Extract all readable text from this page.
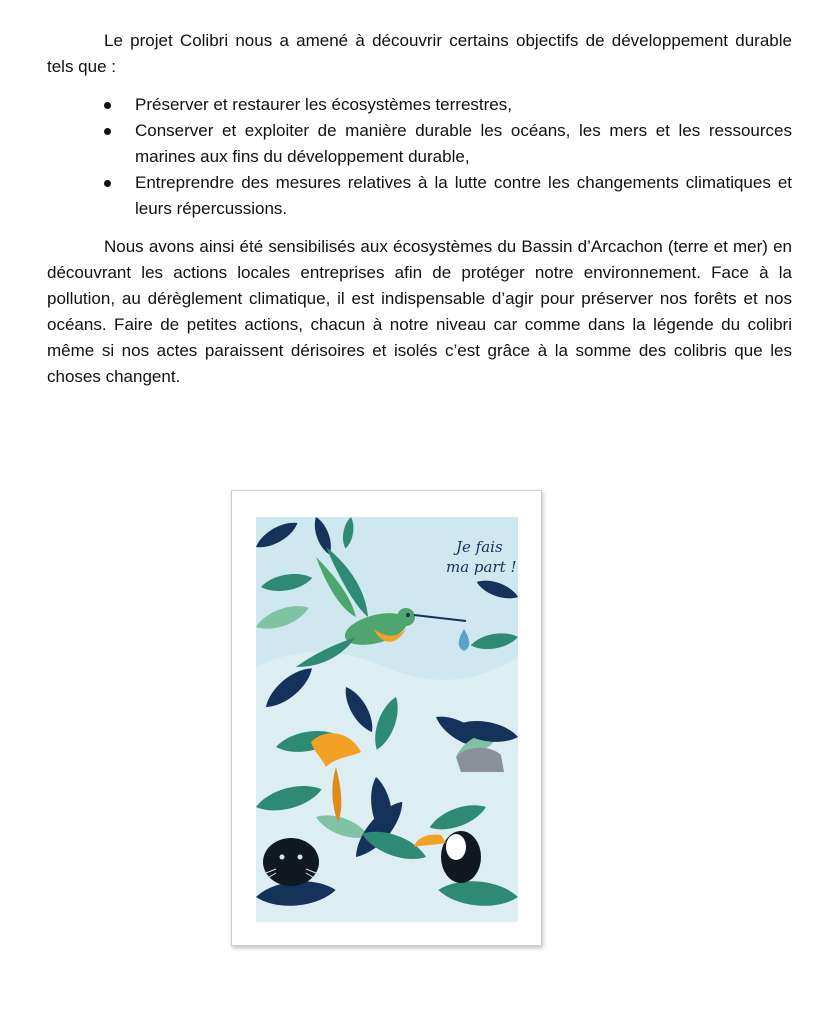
Le projet Colibri nous a amené à découvrir certains objectifs de développement durable tels que :

Préserver et restaurer les écosystèmes terrestres,
Conserver et exploiter de manière durable les océans, les mers et les ressources marines aux fins du développement durable,
Entreprendre des mesures relatives à la lutte contre les changements climatiques et leurs répercussions.

Nous avons ainsi été sensibilisés aux écosystèmes du Bassin d’Arcachon (terre et mer) en découvrant les actions locales entreprises afin de protéger notre environnement. Face à la pollution, au dérèglement climatique, il est indispensable d’agir pour préserver nos forêts et nos océans. Faire de petites actions, chacun à notre niveau car comme dans la légende du colibri même si nos actes paraissent dérisoires et isolés c’est grâce à la somme des colibris que les choses changent.

Je fais
ma part !
